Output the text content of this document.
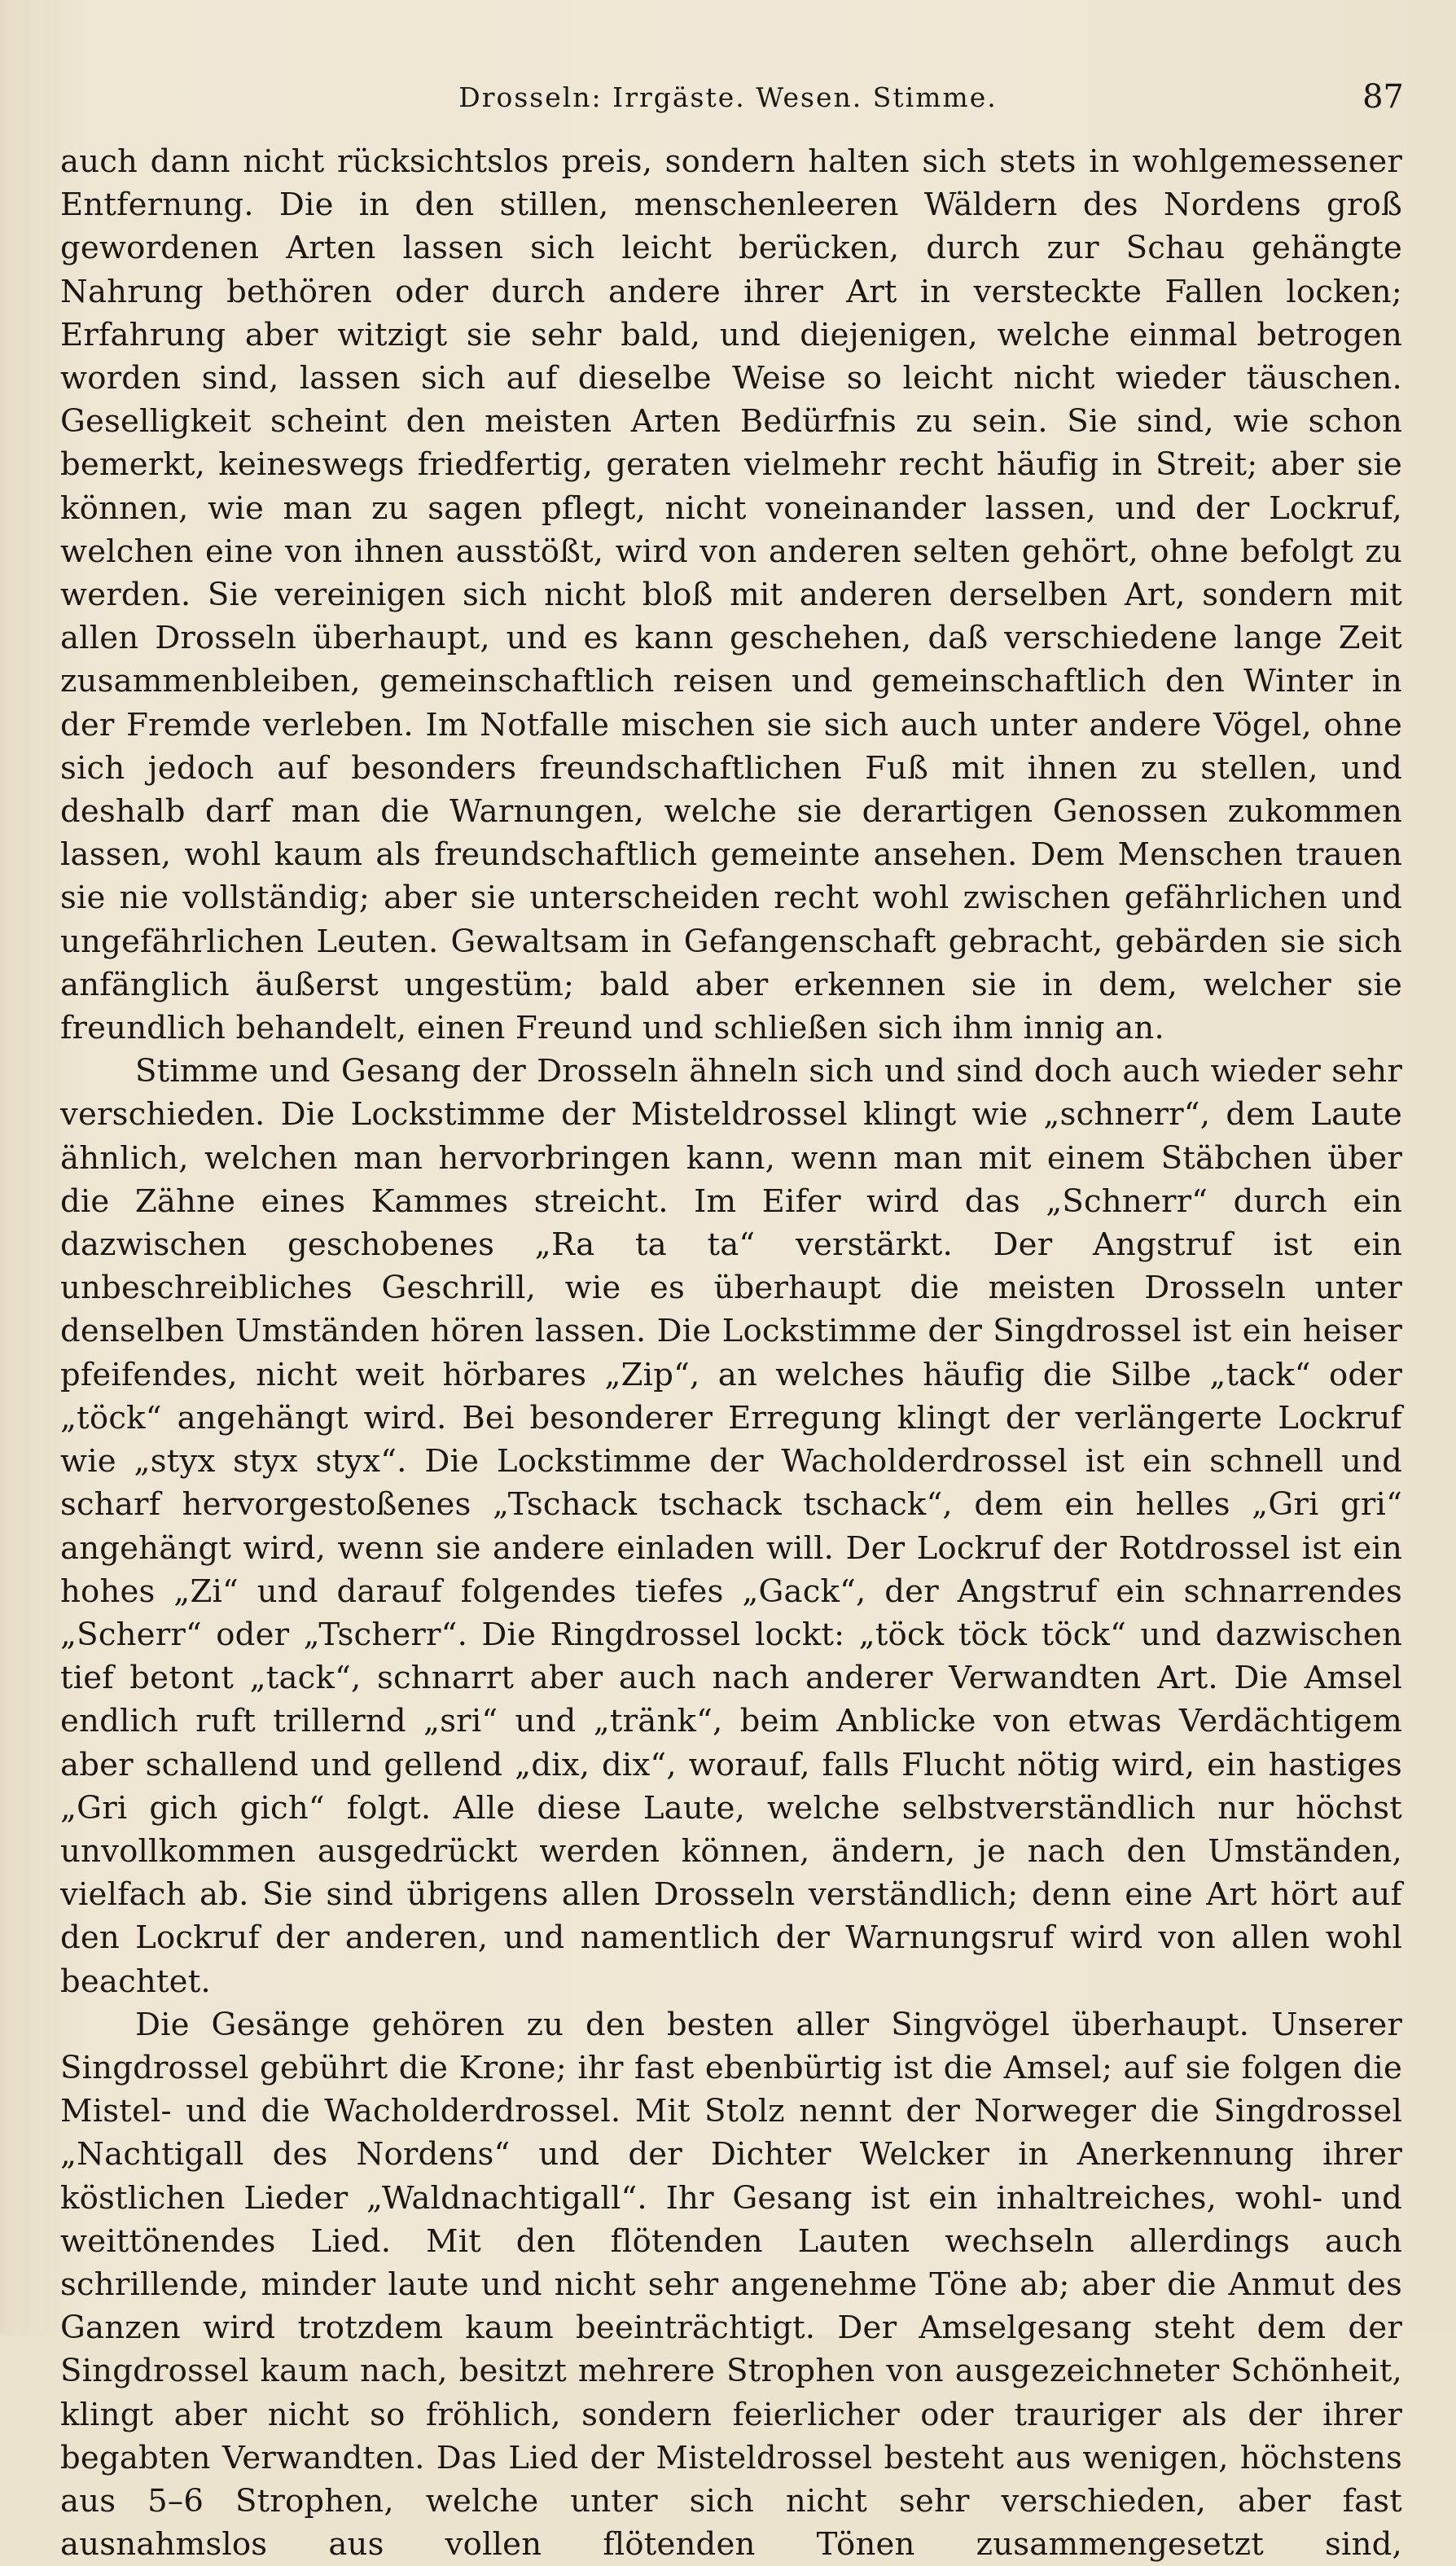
Drosseln: Irrgäste. Wesen. Stimme.	87

auch dann nicht rücksichtslos preis, sondern halten sich stets in wohlgemessener Entfernung. Die in den stillen, menschenleeren Wäldern des Nordens groß gewordenen Arten lassen sich leicht berücken, durch zur Schau gehängte Nahrung bethören oder durch andere ihrer Art in versteckte Fallen locken; Erfahrung aber witzigt sie sehr bald, und diejenigen, welche einmal betrogen worden sind, lassen sich auf dieselbe Weise so leicht nicht wieder täuschen. Geselligkeit scheint den meisten Arten Bedürfnis zu sein. Sie sind, wie schon bemerkt, keineswegs friedfertig, geraten vielmehr recht häufig in Streit; aber sie können, wie man zu sagen pflegt, nicht voneinander lassen, und der Lockruf, welchen eine von ihnen ausstößt, wird von anderen selten gehört, ohne befolgt zu werden. Sie vereinigen sich nicht bloß mit anderen derselben Art, sondern mit allen Drosseln überhaupt, und es kann geschehen, daß verschiedene lange Zeit zusammenbleiben, gemeinschaftlich reisen und gemeinschaftlich den Winter in der Fremde verleben. Im Notfalle mischen sie sich auch unter andere Vögel, ohne sich jedoch auf besonders freundschaftlichen Fuß mit ihnen zu stellen, und deshalb darf man die Warnungen, welche sie derartigen Genossen zukommen lassen, wohl kaum als freundschaftlich gemeinte ansehen. Dem Menschen trauen sie nie vollständig; aber sie unterscheiden recht wohl zwischen gefährlichen und ungefährlichen Leuten. Gewaltsam in Gefangenschaft gebracht, gebärden sie sich anfänglich äußerst ungestüm; bald aber erkennen sie in dem, welcher sie freundlich behandelt, einen Freund und schließen sich ihm innig an.

Stimme und Gesang der Drosseln ähneln sich und sind doch auch wieder sehr verschieden. Die Lockstimme der Misteldrossel klingt wie „schnerr“, dem Laute ähnlich, welchen man hervorbringen kann, wenn man mit einem Stäbchen über die Zähne eines Kammes streicht. Im Eifer wird das „Schnerr“ durch ein dazwischen geschobenes „Ra ta ta“ verstärkt. Der Angstruf ist ein unbeschreibliches Geschrill, wie es überhaupt die meisten Drosseln unter denselben Umständen hören lassen. Die Lockstimme der Singdrossel ist ein heiser pfeifendes, nicht weit hörbares „Zip“, an welches häufig die Silbe „tack“ oder „töck“ angehängt wird. Bei besonderer Erregung klingt der verlängerte Lockruf wie „styx styx styx“. Die Lockstimme der Wacholderdrossel ist ein schnell und scharf hervorgestoßenes „Tschack tschack tschack“, dem ein helles „Gri gri“ angehängt wird, wenn sie andere einladen will. Der Lockruf der Rotdrossel ist ein hohes „Zi“ und darauf folgendes tiefes „Gack“, der Angstruf ein schnarrendes „Scherr“ oder „Tscherr“. Die Ringdrossel lockt: „töck töck töck“ und dazwischen tief betont „tack“, schnarrt aber auch nach anderer Verwandten Art. Die Amsel endlich ruft trillernd „sri“ und „tränk“, beim Anblicke von etwas Verdächtigem aber schallend und gellend „dix, dix“, worauf, falls Flucht nötig wird, ein hastiges „Gri gich gich“ folgt. Alle diese Laute, welche selbstverständlich nur höchst unvollkommen ausgedrückt werden können, ändern, je nach den Umständen, vielfach ab. Sie sind übrigens allen Drosseln verständlich; denn eine Art hört auf den Lockruf der anderen, und namentlich der Warnungsruf wird von allen wohl beachtet.

Die Gesänge gehören zu den besten aller Singvögel überhaupt. Unserer Singdrossel gebührt die Krone; ihr fast ebenbürtig ist die Amsel; auf sie folgen die Mistel- und die Wacholderdrossel. Mit Stolz nennt der Norweger die Singdrossel „Nachtigall des Nordens“ und der Dichter Welcker in Anerkennung ihrer köstlichen Lieder „Waldnachtigall“. Ihr Gesang ist ein inhaltreiches, wohl- und weittönendes Lied. Mit den flötenden Lauten wechseln allerdings auch schrillende, minder laute und nicht sehr angenehme Töne ab; aber die Anmut des Ganzen wird trotzdem kaum beeinträchtigt. Der Amselgesang steht dem der Singdrossel kaum nach, besitzt mehrere Strophen von ausgezeichneter Schönheit, klingt aber nicht so fröhlich, sondern feierlicher oder trauriger als der ihrer begabten Verwandten. Das Lied der Misteldrossel besteht aus wenigen, höchstens aus 5–6 Strophen, welche unter sich nicht sehr verschieden, aber fast ausnahmslos aus vollen flötenden Tönen zusammengesetzt sind,
